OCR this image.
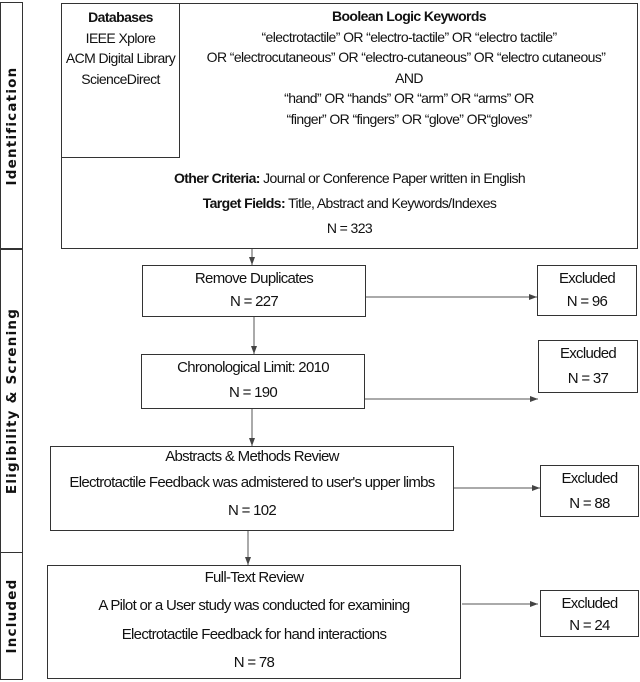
Identification
Eligibility & Screning
Included
Databases
IEEE Xplore
ACM Digital Library
ScienceDirect
Boolean Logic Keywords
“electrotactile” OR “electro-tactile” OR “electro tactile”
OR “electrocutaneous” OR “electro-cutaneous” OR “electro cutaneous”
AND
“hand” OR “hands” OR “arm” OR “arms” OR
“finger” OR “fingers” OR “glove” OR“gloves”
Other Criteria: Journal or Conference Paper written in English
Target Fields: Title, Abstract and Keywords/Indexes
N = 323
Remove Duplicates
N = 227
Excluded
N = 96
Chronological Limit: 2010
N = 190
Excluded
N = 37
Abstracts & Methods Review
Electrotactile Feedback was admistered to user's upper limbs
N = 102
Excluded
N = 88
Full-Text Review
A Pilot or a User study was conducted for examining
Electrotactile Feedback for hand interactions
N = 78
Excluded
N = 24
